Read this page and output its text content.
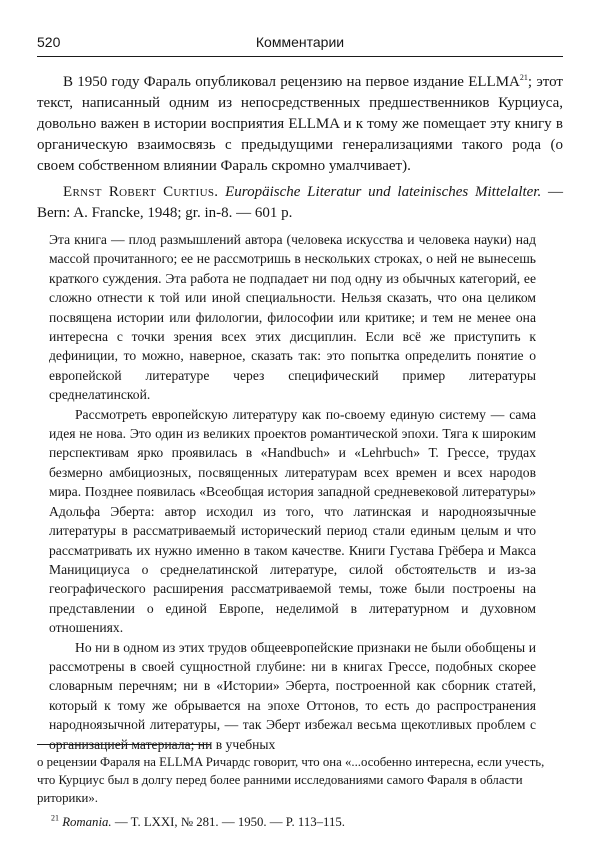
520	Комментарии

В 1950 году Фараль опубликовал рецензию на первое издание ELLMA$^{21}$; этот текст, написанный одним из непосредственных предшественников Курциуса, довольно важен в истории восприятия ELLMA и к тому же помещает эту книгу в органическую взаимосвязь с предыдущими генерализациями такого рода (о своем собственном влиянии Фараль скромно умалчивает).

Ernst Robert Curtius. Europäische Literatur und lateinisches Mittelalter. — Bern: A. Francke, 1948; gr. in-8. — 601 p.

Эта книга — плод размышлений автора (человека искусства и человека науки) над массой прочитанного; ее не рассмотришь в нескольких строках, о ней не вынесешь краткого суждения. Эта работа не подпадает ни под одну из обычных категорий, ее сложно отнести к той или иной специальности. Нельзя сказать, что она целиком посвящена истории или филологии, философии или критике; и тем не менее она интересна с точки зрения всех этих дисциплин. Если всё же приступить к дефиниции, то можно, наверное, сказать так: это попытка определить понятие о европейской литературе через специфический пример литературы среднелатинской.

Рассмотреть европейскую литературу как по-своему единую систему — сама идея не нова. Это один из великих проектов романтической эпохи. Тяга к широким перспективам ярко проявилась в «Handbuch» и «Lehrbuch» Т. Грессе, трудах безмерно амбициозных, посвященных литературам всех времен и всех народов мира. Позднее появилась «Всеобщая история западной средневековой литературы» Адольфа Эберта: автор исходил из того, что латинская и народноязычные литературы в рассматриваемый исторический период стали единым целым и что рассматривать их нужно именно в таком качестве. Книги Густава Грёбера и Макса Маницициуса о среднелатинской литературе, силой обстоятельств и из-за географического расширения рассматриваемой темы, тоже были построены на представлении о единой Европе, неделимой в литературном и духовном отношениях.

Но ни в одном из этих трудов общеевропейские признаки не были обобщены и рассмотрены в своей сущностной глубине: ни в книгах Грессе, подобных скорее словарным перечням; ни в «Истории» Эберта, построенной как сборник статей, который к тому же обрывается на эпохе Оттонов, то есть до распространения народноязычной литературы, — так Эберт избежал весьма щекотливых проблем с организацией материала; ни в учебных

о рецензии Фараля на ELLMA Ричардс говорит, что она «...особенно интересна, если учесть, что Курциус был в долгу перед более ранними исследованиями самого Фараля в области риторики».

$^{21}$ Romania. — T. LXXI, № 281. — 1950. — P. 113–115.
